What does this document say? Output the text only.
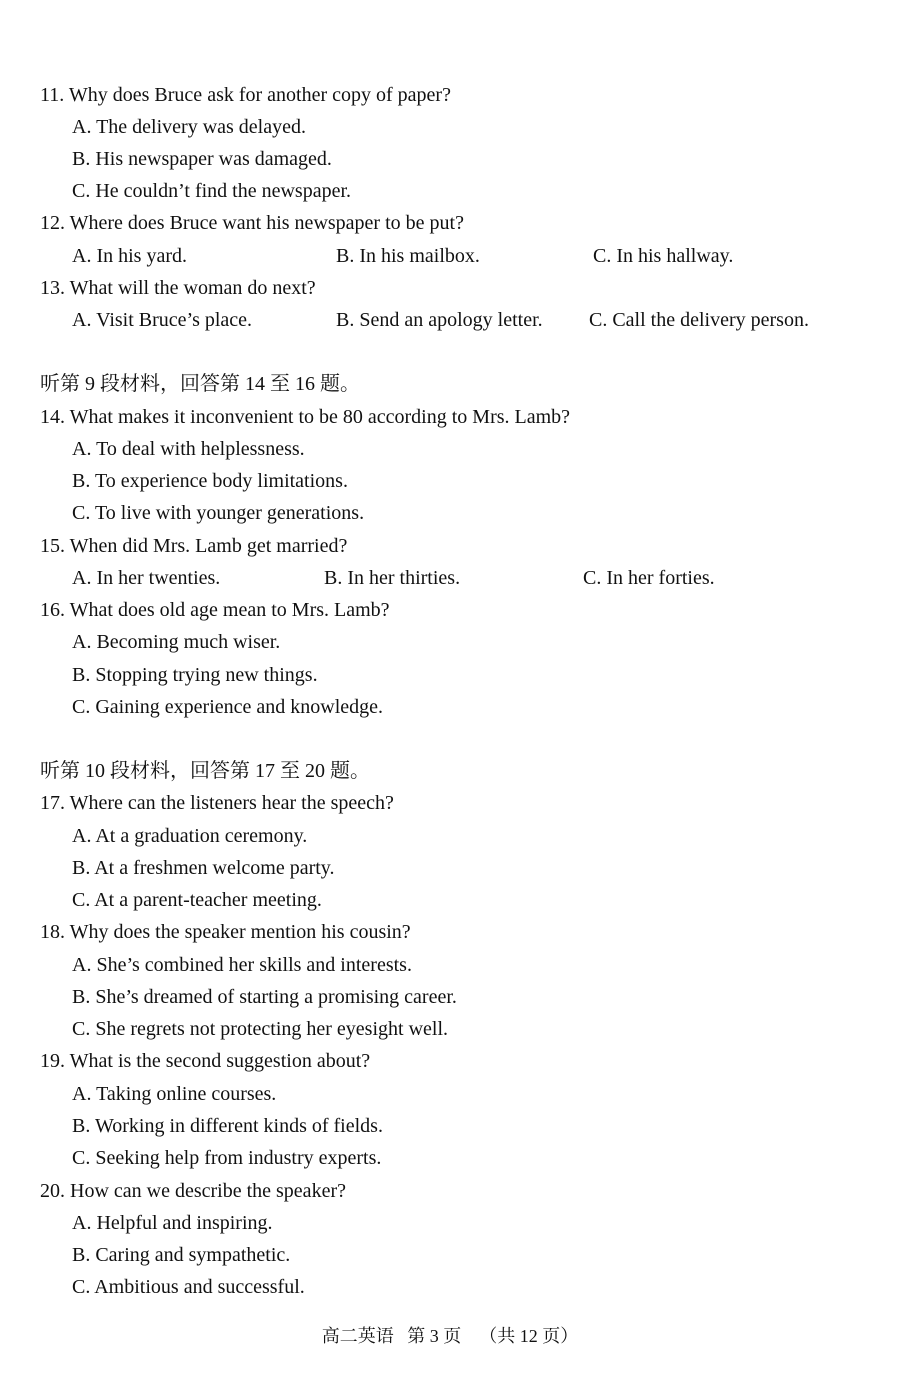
11. Why does Bruce ask for another copy of paper?
A. The delivery was delayed.
B. His newspaper was damaged.
C. He couldn’t find the newspaper.
12. Where does Bruce want his newspaper to be put?
A. In his yard.	B. In his mailbox.	C. In his hallway.
13. What will the woman do next?
A. Visit Bruce’s place.	B. Send an apology letter. C. Call the delivery person.
听第 9 段材料，回答第 14 至 16 题。
14. What makes it inconvenient to be 80 according to Mrs. Lamb?
A. To deal with helplessness.
B. To experience body limitations.
C. To live with younger generations.
15. When did Mrs. Lamb get married?
A. In her twenties.	B. In her thirties.	C. In her forties.
16. What does old age mean to Mrs. Lamb?
A. Becoming much wiser.
B. Stopping trying new things.
C. Gaining experience and knowledge.
听第 10 段材料，回答第 17 至 20 题。
17. Where can the listeners hear the speech?
A. At a graduation ceremony.
B. At a freshmen welcome party.
C. At a parent-teacher meeting.
18. Why does the speaker mention his cousin?
A. She’s combined her skills and interests.
B. She’s dreamed of starting a promising career.
C. She regrets not protecting her eyesight well.
19. What is the second suggestion about?
A. Taking online courses.
B. Working in different kinds of fields.
C. Seeking help from industry experts.
20. How can we describe the speaker?
A. Helpful and inspiring.
B. Caring and sympathetic.
C. Ambitious and successful.
高二英语   第 3 页    （共 12 页）
